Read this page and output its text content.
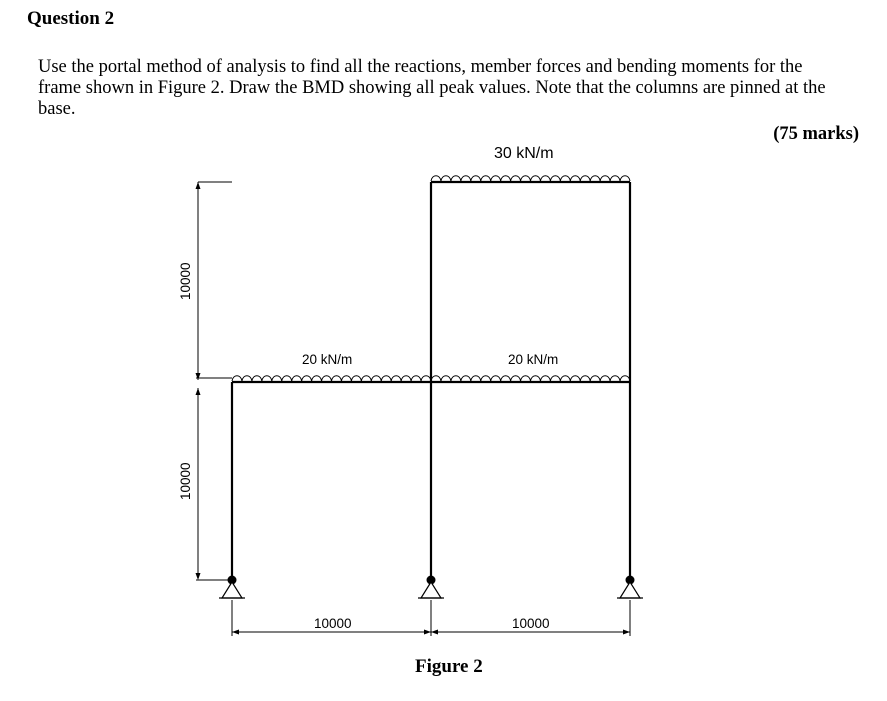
Question 2
Use the portal method of analysis to find all the reactions, member forces and bending moments for the frame shown in Figure 2. Draw the BMD showing all peak values. Note that the columns are pinned at the base.
(75 marks)
30 kN/m
20 kN/m	20 kN/m
10000	10000
10000
10000
Figure 2
